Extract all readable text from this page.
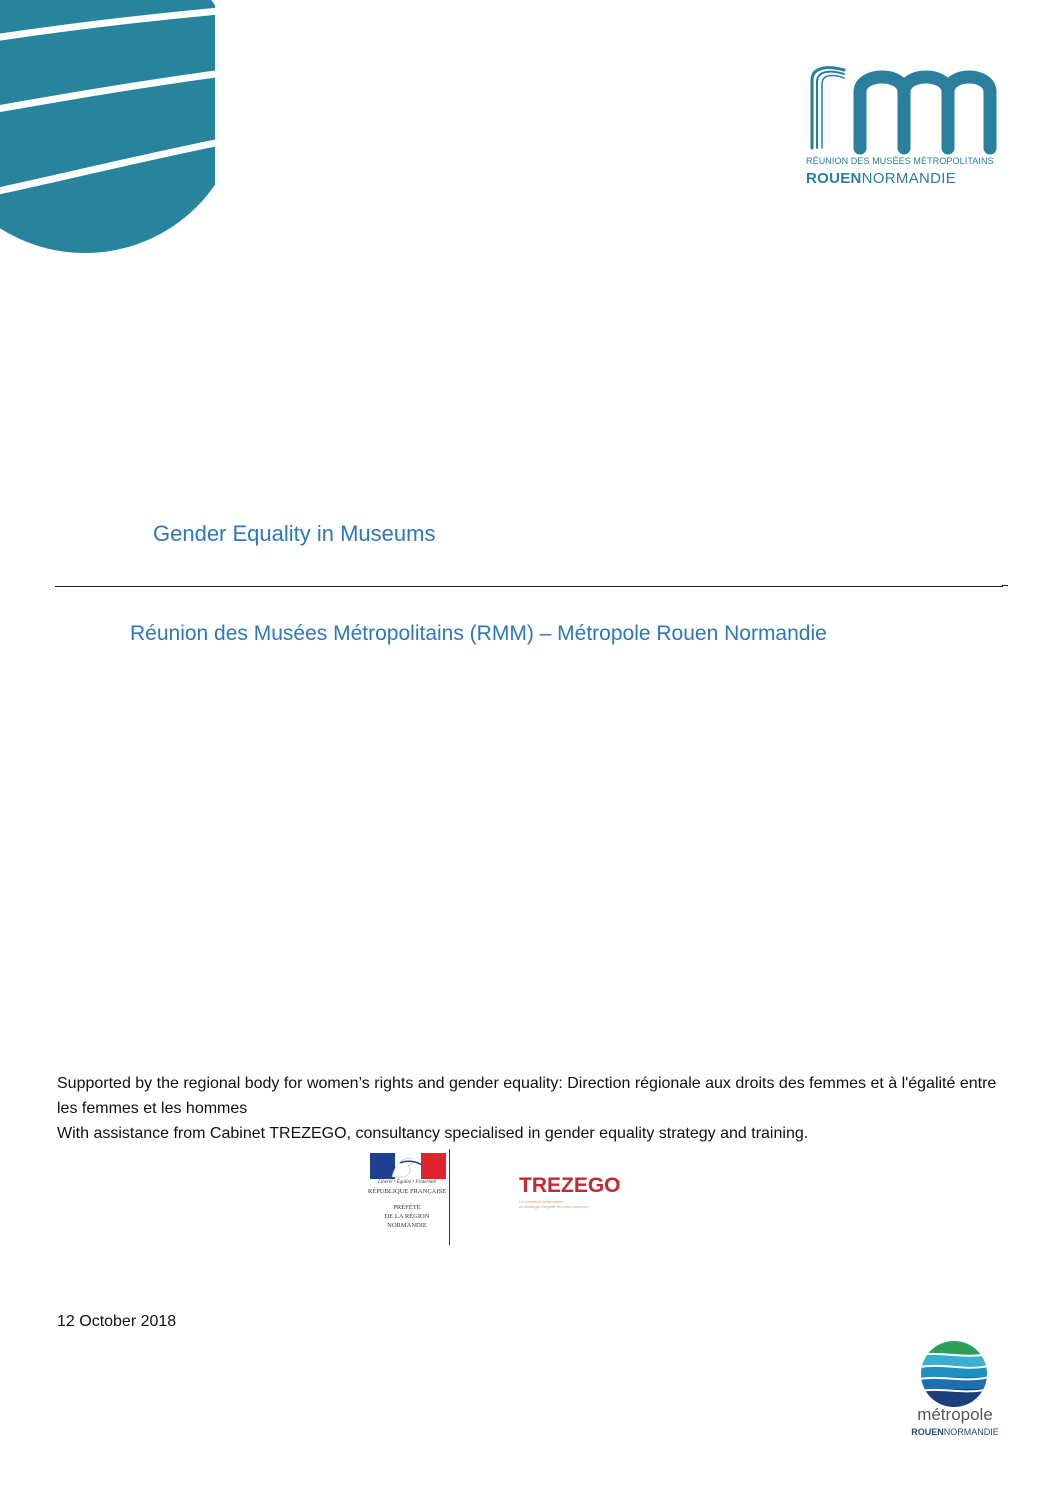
RÉUNION DES MUSÉES MÉTROPOLITAINS
ROUENNORMANDIE
Gender Equality in Museums
Réunion des Musées Métropolitains (RMM) – Métropole Rouen Normandie

Supported by the regional body for women’s rights and gender equality: Direction régionale aux droits des femmes et à l'égalité entre les femmes et les hommes

With assistance from Cabinet TREZEGO, consultancy specialised in gender equality strategy and training.

Liberté • Égalité • Fraternité
RÉPUBLIQUE FRANÇAISE
PRÉFÈTE
DE LA RÉGION
NORMANDIE
TREZEGO
Le conseil et la formation
en stratégie d'égalité femmes-hommes
12 October 2018
métropole
ROUENNORMANDIE
